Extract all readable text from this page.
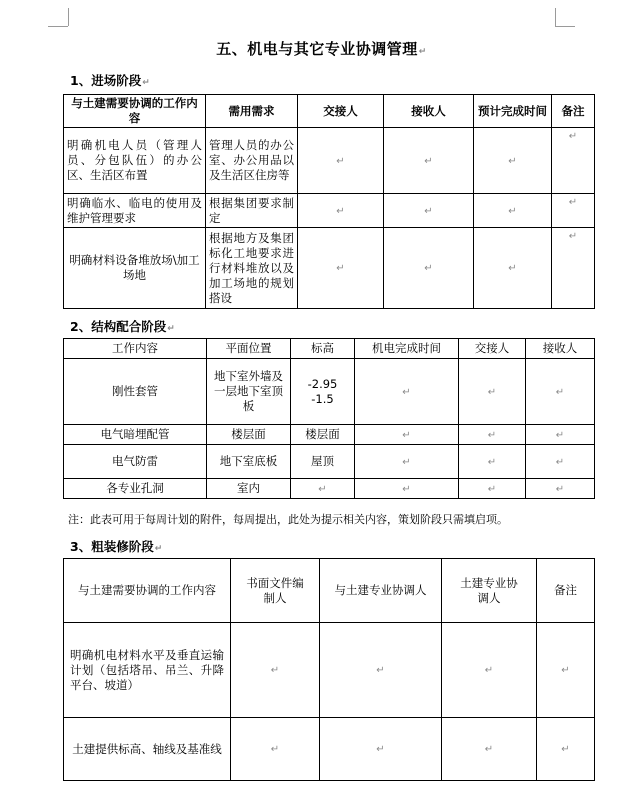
五、机电与其它专业协调管理↵
1、进场阶段↵
与土建需要协调的工作内容	需用需求	交接人	接收人	预计完成时间	备注
明确机电人员（管理人员、分包队伍）的办公区、生活区布置	管理人员的办公室、办公用品以及生活区住房等	↵	↵	↵	↵
明确临水、临电的使用及维护管理要求	根据集团要求制定	↵	↵	↵	↵
明确材料设备堆放场\加工场地	根据地方及集团标化工地要求进行材料堆放以及加工场地的规划搭设	↵	↵	↵	↵
2、结构配合阶段↵
工作内容	平面位置	标高	机电完成时间	交接人	接收人
刚性套管	地下室外墙及一层地下室顶板	-2.95
-1.5	↵	↵	↵
电气暗埋配管	楼层面	楼层面	↵	↵	↵
电气防雷	地下室底板	屋顶	↵	↵	↵
各专业孔洞	室内	↵	↵	↵	↵
注：此表可用于每周计划的附件，每周提出，此处为提示相关内容，策划阶段只需填启项。
3、粗装修阶段↵
与土建需要协调的工作内容	书面文件编制人	与土建专业协调人	土建专业协调人	备注
明确机电材料水平及垂直运输计划（包括塔吊、吊兰、升降平台、坡道）	↵	↵	↵	↵
土建提供标高、轴线及基准线	↵	↵	↵	↵
